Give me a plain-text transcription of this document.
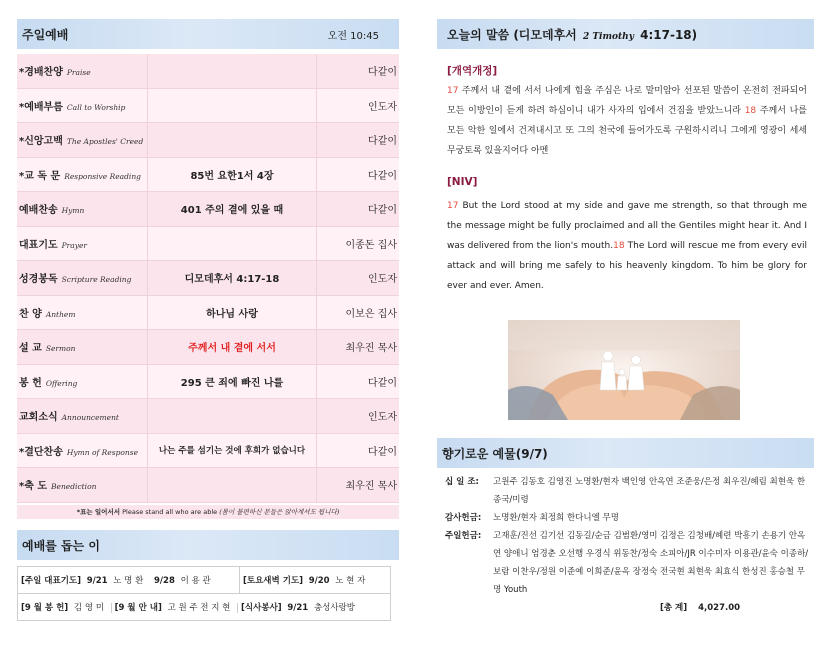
주일예배	오전 10:45
*경배찬양 Praise		다같이
*예배부름 Call to Worship		인도자
*신앙고백 The Apostles' Creed		다같이
*교 독 문 Responsive Reading	85번 요한1서 4장	다같이
예배찬송 Hymn	401 주의 곁에 있을 때	다같이
대표기도 Prayer		이종돈 집사
성경봉독 Scripture Reading	디모데후서 4:17-18	인도자
찬 양 Anthem	하나님 사랑	이보은 집사
설 교 Sermon	주께서 내 곁에 서서	최우진 목사
봉 헌 Offering	295 큰 죄에 빠진 나를	다같이
교회소식 Announcement		인도자
*결단찬송 Hymn of Response	나는 주를 섬기는 것에 후회가 없습니다	다같이
*축 도 Benediction		최우진 목사
*표는 일어서서 Please stand all who are able (몸이 불편하신 분들은 앉아계셔도 됩니다)
예배를 돕는 이
[주일 대표기도] 9/21 노 명 환 9/28 이 용 관	[토요새벽 기도] 9/20 노 현 자
[9 월 봉 헌] 김 영 미 [9 월 안 내] 고 원 주 전 지 현 [식사봉사] 9/21 충성사랑방
오늘의 말씀 (디모데후서 2 Timothy 4:17-18)
[개역개정]
17 주께서 내 곁에 서서 나에게 힘을 주심은 나로 말미암아 선포된 말씀이 온전히 전파되어 모든 이방인이 듣게 하려 하심이니 내가 사자의 입에서 건짐을 받았느니라 18 주께서 나를 모든 악한 일에서 건져내시고 또 그의 천국에 들어가도록 구원하시리니 그에게 영광이 세세무궁토록 있을지어다 아멘
[NIV]
17 But the Lord stood at my side and gave me strength, so that through me the message might be fully proclaimed and all the Gentiles might hear it. And I was delivered from the lion's mouth.18 The Lord will rescue me from every evil attack and will bring me safely to his heavenly kingdom. To him be glory for ever and ever. Amen.
향기로운 예물(9/7)
십 일 조: 고원주 김동호 김영진 노명환/현자 백인영 안옥연 조준웅/은정 최우진/혜림 최현욱 한종국/미령
감사헌금: 노명환/현자 최정희 한다니엘 무명
주일헌금: 고재훈/진선 김기선 김동길/순금 김범환/영미 김정은 김청배/혜련 박흥기 손용기 안옥연 양애니 엄경춘 오선행 우경식 위동찬/정숙 소피아/JR 이수미자 이용관/윤숙 이종하/보람 이찬우/정원 이준예 이희준/윤옥 장정숙 전국현 최현욱 최효식 한성진 홍승철 무명 Youth
[총 계] 4,027.00
